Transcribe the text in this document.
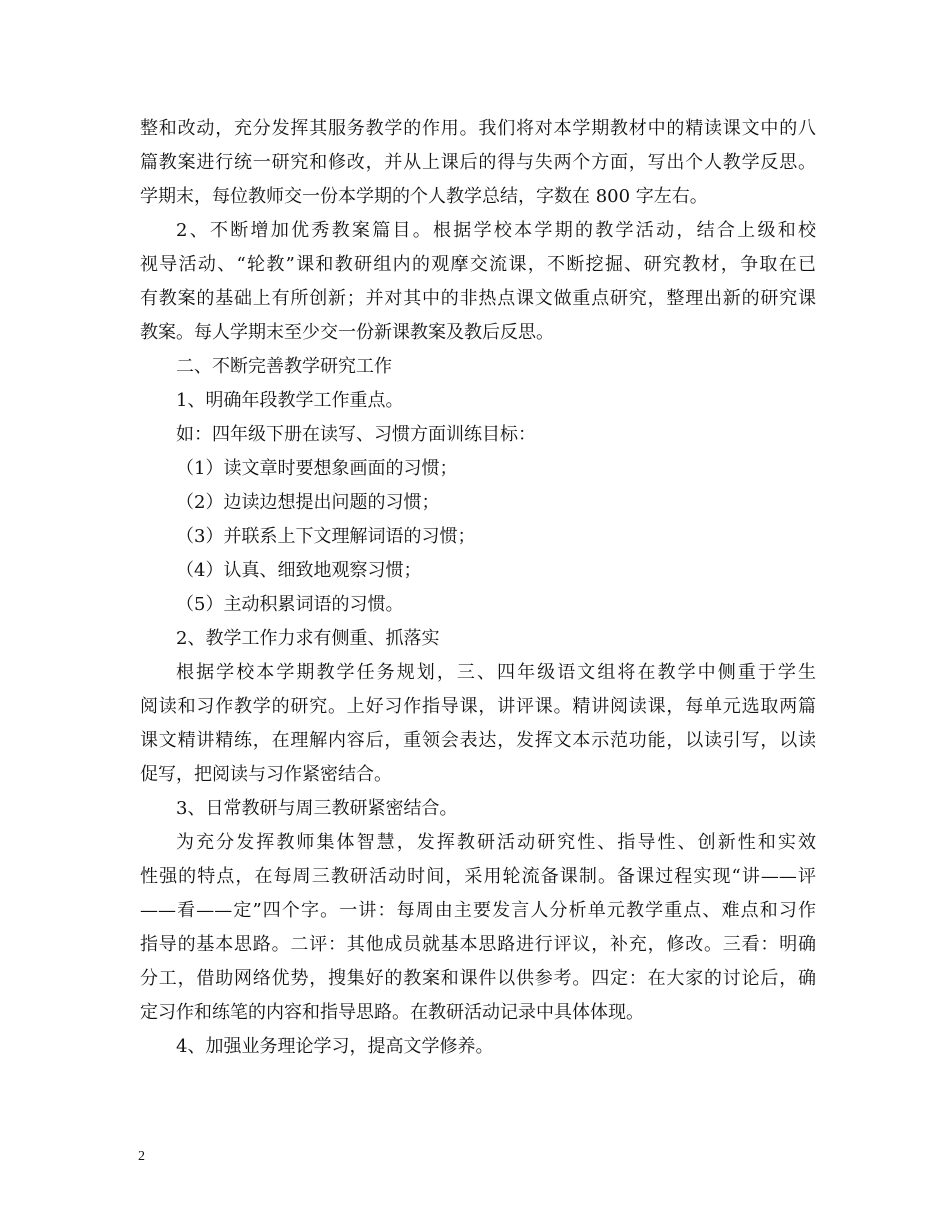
整和改动，充分发挥其服务教学的作用。我们将对本学期教材中的精读课文中的八
篇教案进行统一研究和修改，并从上课后的得与失两个方面，写出个人教学反思。
学期末，每位教师交一份本学期的个人教学总结，字数在 800 字左右。
2、不断增加优秀教案篇目。根据学校本学期的教学活动，结合上级和校
视导活动、“轮教”课和教研组内的观摩交流课，不断挖掘、研究教材，争取在已
有教案的基础上有所创新；并对其中的非热点课文做重点研究，整理出新的研究课
教案。每人学期末至少交一份新课教案及教后反思。
二、不断完善教学研究工作
1、明确年段教学工作重点。
如：四年级下册在读写、习惯方面训练目标：
（1）读文章时要想象画面的习惯；
（2）边读边想提出问题的习惯；
（3）并联系上下文理解词语的习惯；
（4）认真、细致地观察习惯；
（5）主动积累词语的习惯。
2、教学工作力求有侧重、抓落实
根据学校本学期教学任务规划，三、四年级语文组将在教学中侧重于学生
阅读和习作教学的研究。上好习作指导课，讲评课。精讲阅读课，每单元选取两篇
课文精讲精练，在理解内容后，重领会表达，发挥文本示范功能，以读引写，以读
促写，把阅读与习作紧密结合。
3、日常教研与周三教研紧密结合。
为充分发挥教师集体智慧，发挥教研活动研究性、指导性、创新性和实效
性强的特点，在每周三教研活动时间，采用轮流备课制。备课过程实现“讲——评
——看——定”四个字。一讲：每周由主要发言人分析单元教学重点、难点和习作
指导的基本思路。二评：其他成员就基本思路进行评议，补充，修改。三看：明确
分工，借助网络优势，搜集好的教案和课件以供参考。四定：在大家的讨论后，确
定习作和练笔的内容和指导思路。在教研活动记录中具体体现。
4、加强业务理论学习，提高文学修养。
2
